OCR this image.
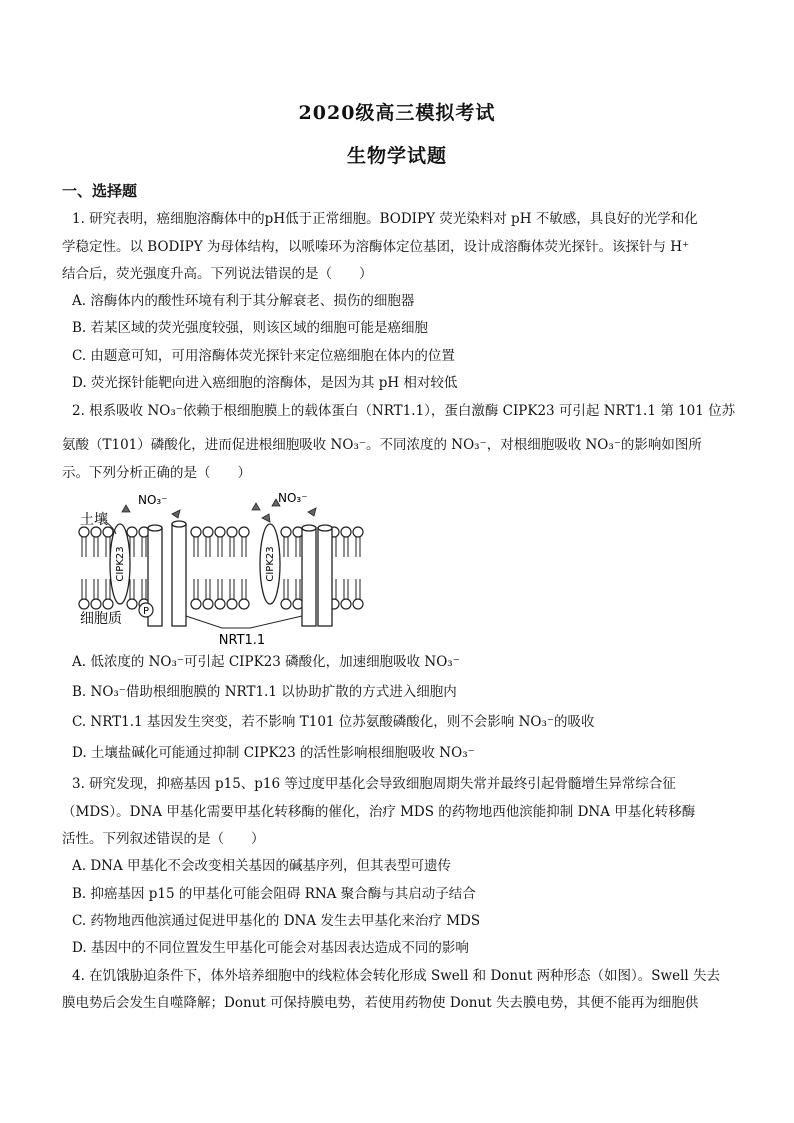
2020级高三模拟考试
生物学试题
一、选择题
1. 研究表明，癌细胞溶酶体中的pH低于正常细胞。BODIPY 荧光染料对 pH 不敏感，具良好的光学和化
学稳定性。以 BODIPY 为母体结构，以哌嗪环为溶酶体定位基团，设计成溶酶体荧光探针。该探针与 H⁺
结合后，荧光强度升高。下列说法错误的是（　　）
A. 溶酶体内的酸性环境有利于其分解衰老、损伤的细胞器
B. 若某区域的荧光强度较强，则该区域的细胞可能是癌细胞
C. 由题意可知，可用溶酶体荧光探针来定位癌细胞在体内的位置
D. 荧光探针能靶向进入癌细胞的溶酶体，是因为其 pH 相对较低
2. 根系吸收 NO₃⁻依赖于根细胞膜上的载体蛋白（NRT1.1），蛋白激酶 CIPK23 可引起 NRT1.1 第 101 位苏
氨酸（T101）磷酸化，进而促进根细胞吸收 NO₃⁻。不同浓度的 NO₃⁻，对根细胞吸收 NO₃⁻的影响如图所
示。下列分析正确的是（　　）
CIPK23	CIPK23
P
NO₃⁻	NO₃⁻
土壤
细胞质
NRT1.1
A. 低浓度的 NO₃⁻可引起 CIPK23 磷酸化，加速细胞吸收 NO₃⁻
B. NO₃⁻借助根细胞膜的 NRT1.1 以协助扩散的方式进入细胞内
C. NRT1.1 基因发生突变，若不影响 T101 位苏氨酸磷酸化，则不会影响 NO₃⁻的吸收
D. 土壤盐碱化可能通过抑制 CIPK23 的活性影响根细胞吸收 NO₃⁻
3. 研究发现，抑癌基因 p15、p16 等过度甲基化会导致细胞周期失常并最终引起骨髓增生异常综合征
（MDS）。DNA 甲基化需要甲基化转移酶的催化，治疗 MDS 的药物地西他滨能抑制 DNA 甲基化转移酶
活性。下列叙述错误的是（　　）
A. DNA 甲基化不会改变相关基因的碱基序列，但其表型可遗传
B. 抑癌基因 p15 的甲基化可能会阻碍 RNA 聚合酶与其启动子结合
C. 药物地西他滨通过促进甲基化的 DNA 发生去甲基化来治疗 MDS
D. 基因中的不同位置发生甲基化可能会对基因表达造成不同的影响
4. 在饥饿胁迫条件下，体外培养细胞中的线粒体会转化形成 Swell 和 Donut 两种形态（如图）。Swell 失去
膜电势后会发生自噬降解；Donut 可保持膜电势，若使用药物使 Donut 失去膜电势，其便不能再为细胞供
